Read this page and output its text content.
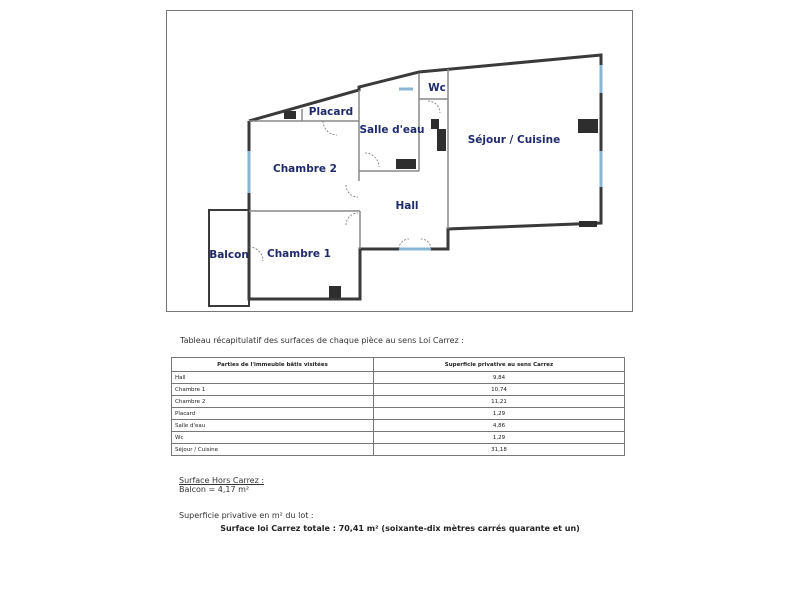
Placard
Salle d'eau
Wc
Séjour / Cuisine
Chambre 2
Hall
Balcon Chambre 1
Tableau récapitulatif des surfaces de chaque pièce au sens Loi Carrez :
Parties de l'immeuble bâtis visitées	Superficie privative au sens Carrez
Hall	9,84
Chambre 1	10,74
Chambre 2	11,21
Placard	1,29
Salle d'eau	4,86
Wc	1,29
Séjour / Cuisine	31,18
Surface Hors Carrez :
Balcon = 4,17 m²
Superficie privative en m² du lot :
Surface loi Carrez totale : 70,41 m² (soixante-dix mètres carrés quarante et un)
